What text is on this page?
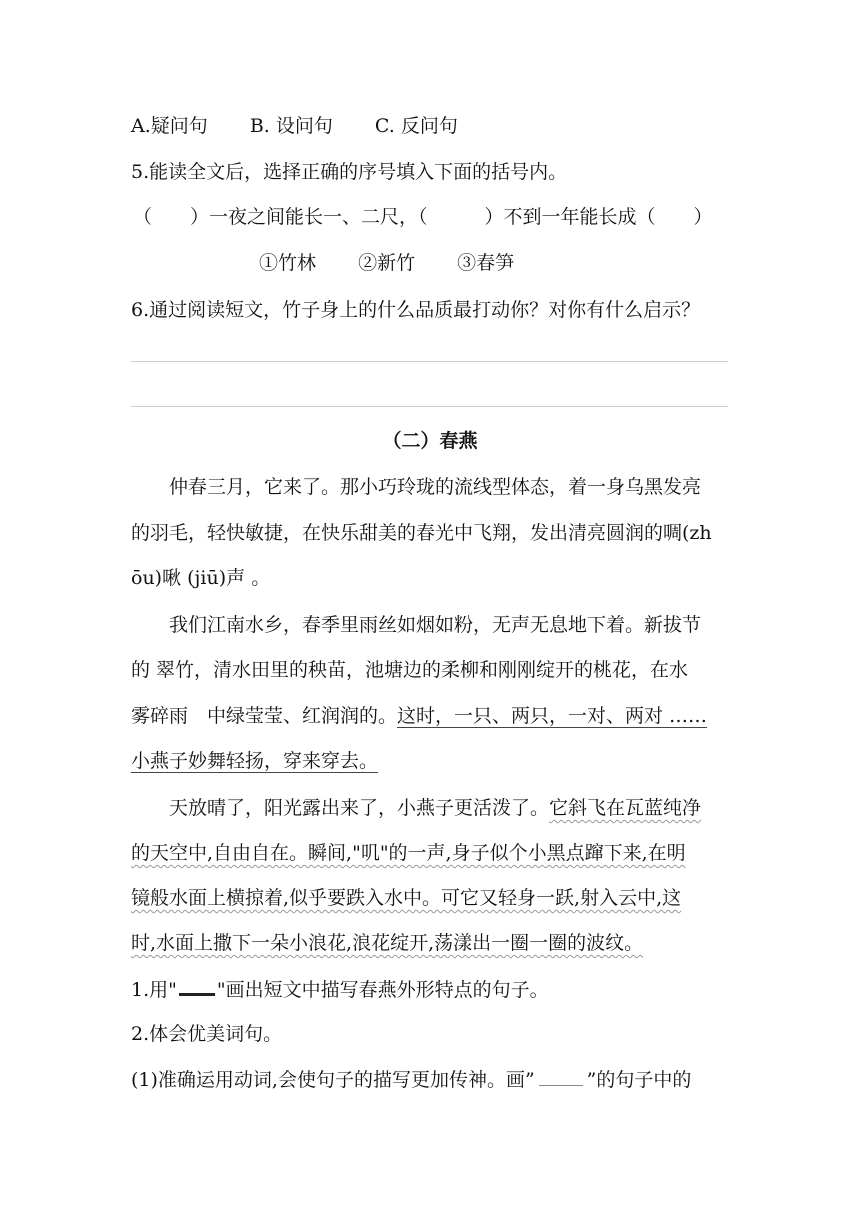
A.疑问句 B. 设问句 C. 反问句
5.能读全文后，选择正确的序号填入下面的括号内。
（　　）一夜之间能长一、二尺，（　　　）不到一年能长成（　　）
①竹林 ②新竹 ③春笋
6.通过阅读短文，竹子身上的什么品质最打动你？对你有什么启示？
（二）春燕
　　仲春三月，它来了。那小巧玲珑的流线型体态，着一身乌黑发亮
的羽毛，轻快敏捷，在快乐甜美的春光中飞翔，发出清亮圆润的啁(zh
ōu)啾 (jiū)声 。
　　我们江南水乡，春季里雨丝如烟如粉，无声无息地下着。新拔节
的 翠竹，清水田里的秧苗，池塘边的柔柳和刚刚绽开的桃花，在水
雾碎雨　中绿莹莹、红润润的。这时，一只、两只，一对、两对 ……
小燕子妙舞轻扬，穿来穿去。
　　天放晴了，阳光露出来了，小燕子更活泼了。它斜飞在瓦蓝纯净
的天空中,自由自在。瞬间,"叽"的一声,身子似个小黑点蹿下来,在明
镜般水面上横掠着,似乎要跌入水中。可它又轻身一跃,射入云中,这
时,水面上撒下一朵小浪花,浪花绽开,荡漾出一圈一圈的波纹。
1.用" "画出短文中描写春燕外形特点的句子。
2.体会优美词句。
(1)准确运用动词,会使句子的描写更加传神。画”	”的句子中的
